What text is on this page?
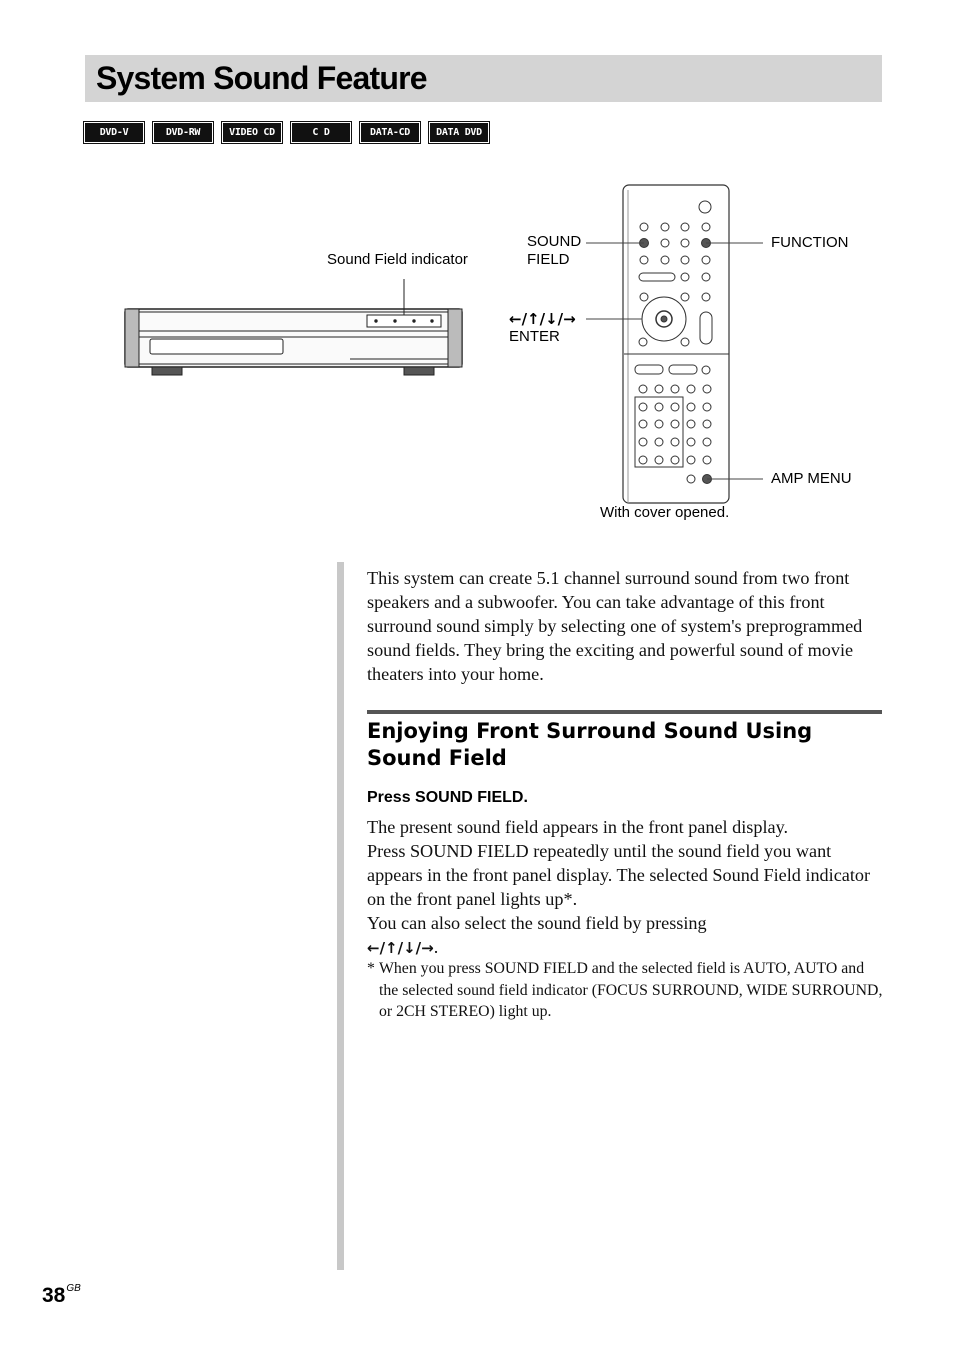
System Sound Feature
DVD-V	DVD-RW	VIDEO CD	C D	DATA-CD	DATA DVD
Sound Field indicator
SOUND
FIELD
FUNCTION
←/↑/↓/→
ENTER
AMP MENU
With cover opened.

This system can create 5.1 channel surround sound from two front speakers and a subwoofer. You can take advantage of this front surround sound simply by selecting one of system's preprogrammed sound fields. They bring the exciting and powerful sound of movie theaters into your home.

Enjoying Front Surround Sound Using Sound Field
Press SOUND FIELD.

The present sound field appears in the front panel display.

Press SOUND FIELD repeatedly until the sound field you want appears in the front panel display. The selected Sound Field indicator on the front panel lights up*.

You can also select the sound field by pressing
←/↑/↓/→.

* When you press SOUND FIELD and the selected field is AUTO, AUTO and the selected sound field indicator (FOCUS SURROUND, WIDE SURROUND, or 2CH STEREO) light up.
$38^{GB}$
